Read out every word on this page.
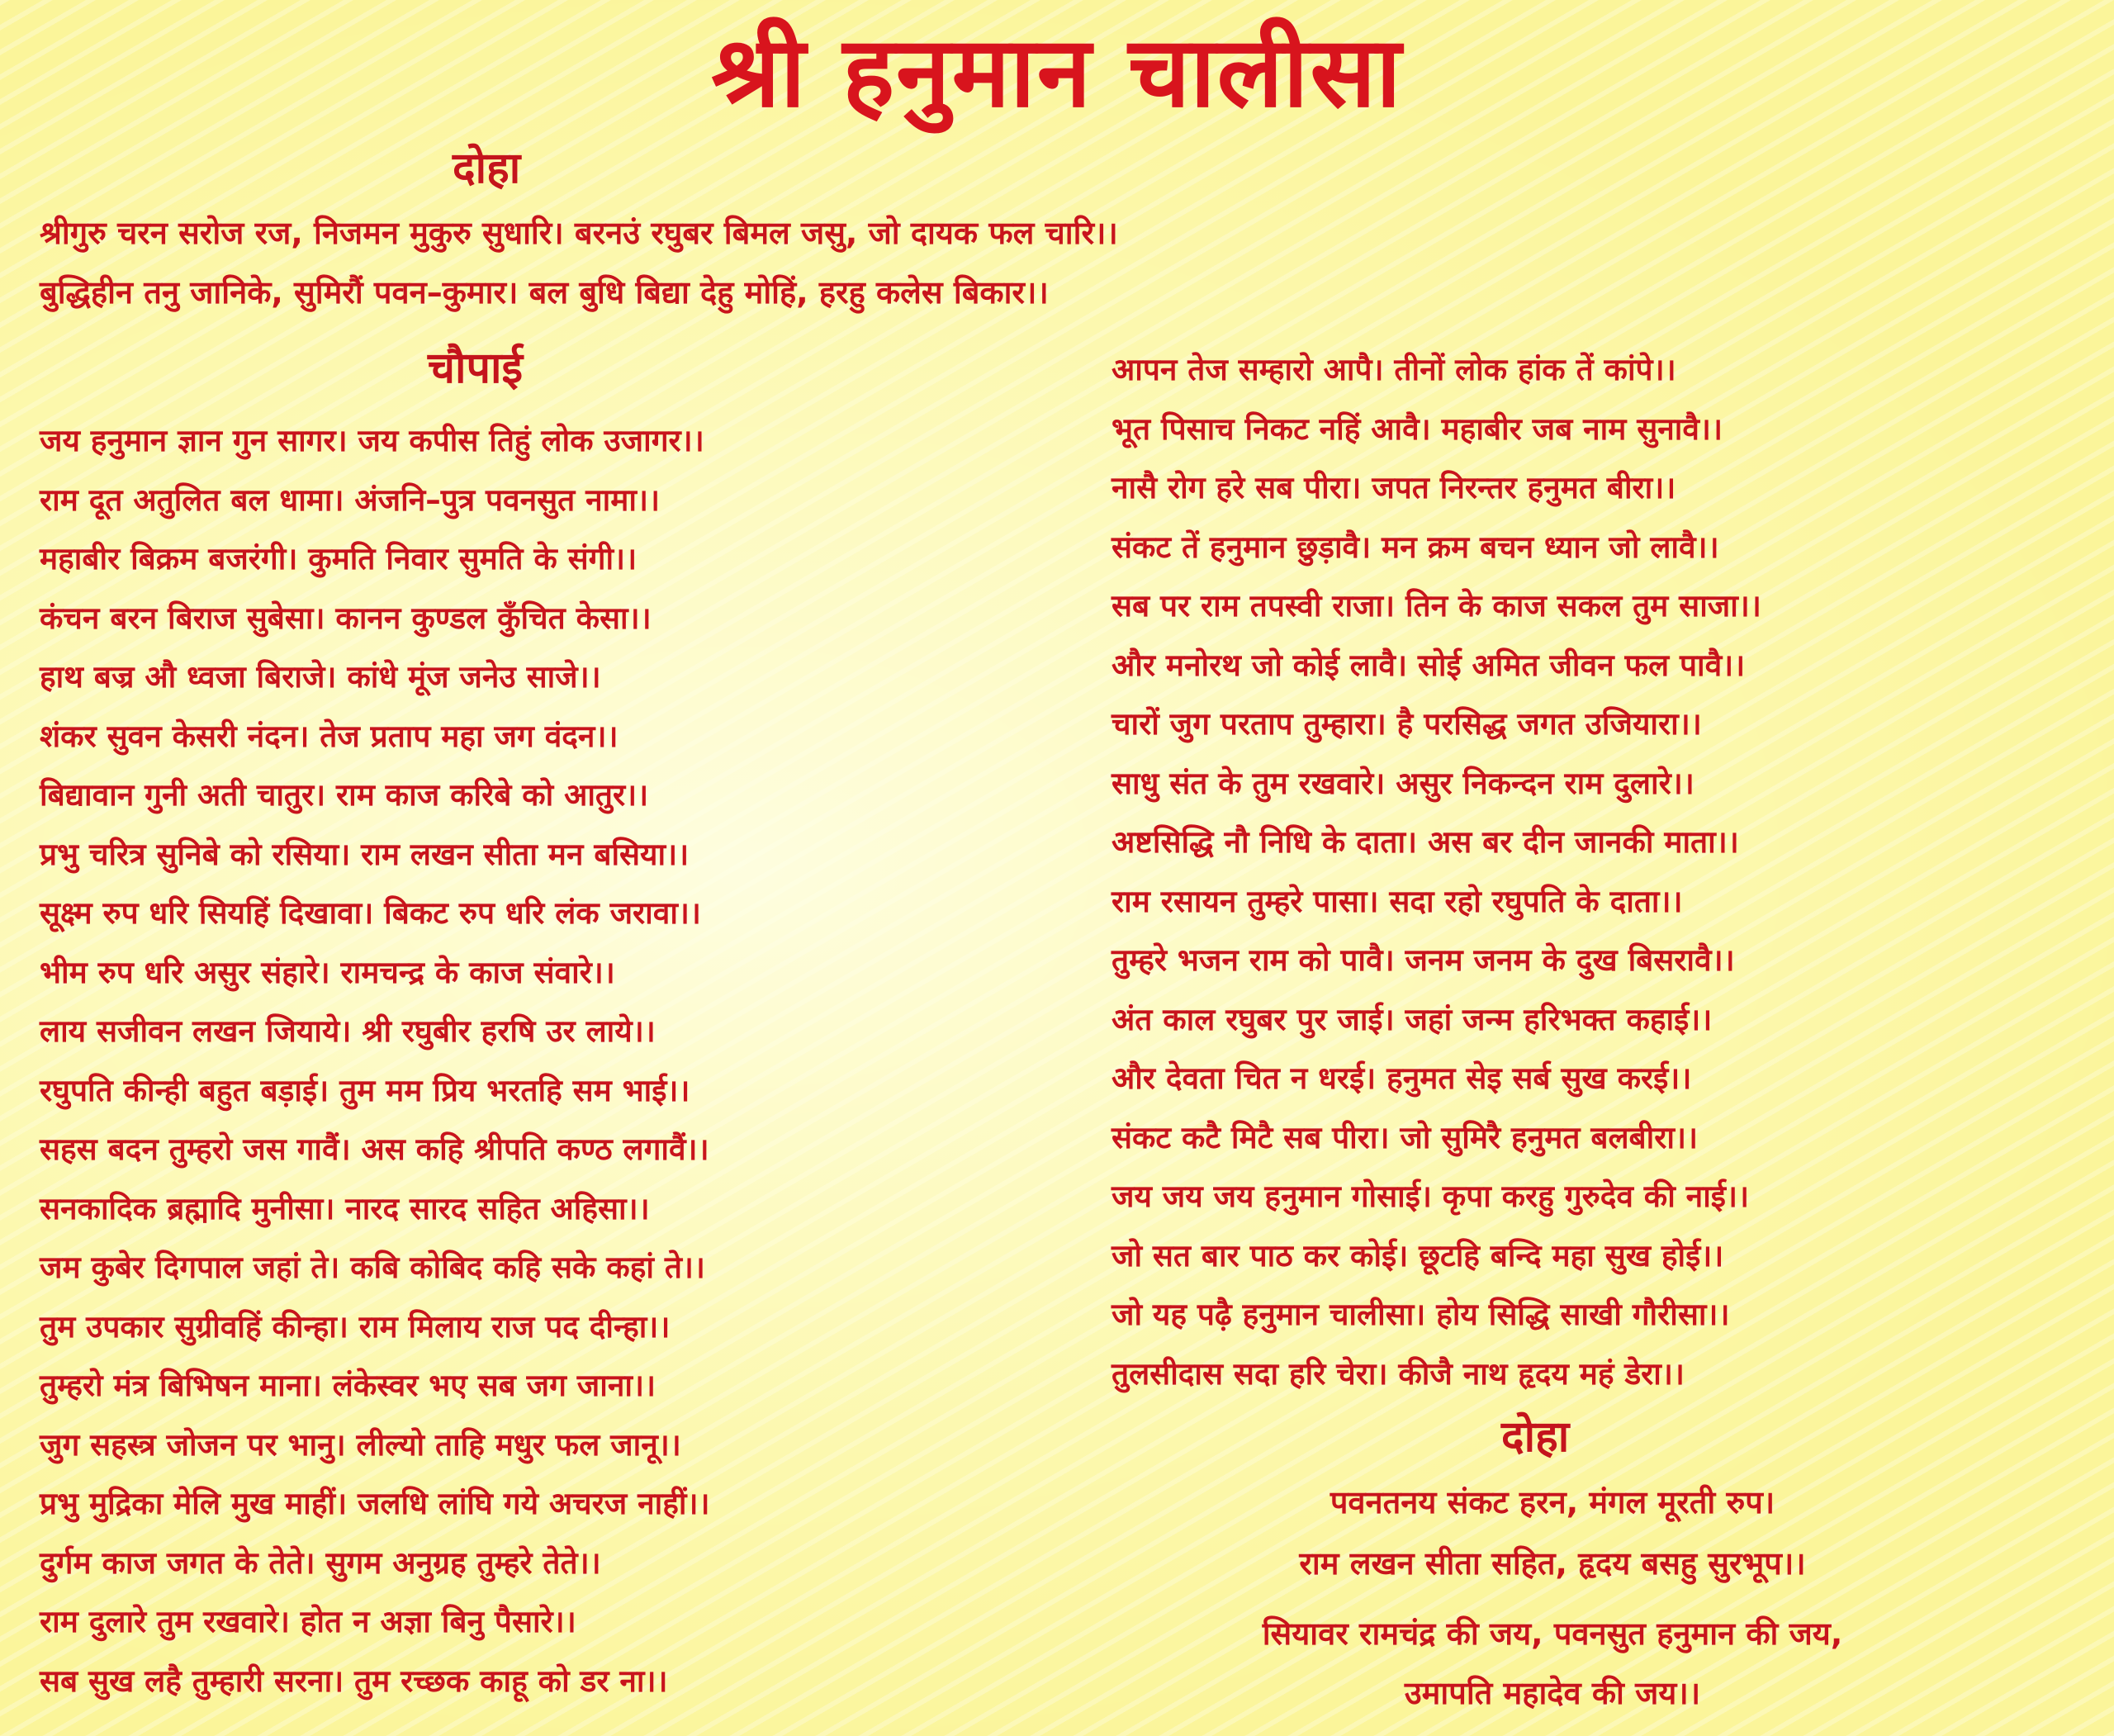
श्री हनुमान चालीसा
दोहा
श्रीगुरु चरन सरोज रज, निजमन मुकुरु सुधारि। बरनउं रघुबर बिमल जसु, जो दायक फल चारि।।
बुद्धिहीन तनु जानिके, सुमिरौं पवन–कुमार। बल बुधि बिद्या देहु मोहिं, हरहु कलेस बिकार।।
चौपाई
जय हनुमान ज्ञान गुन सागर। जय कपीस तिहुं लोक उजागर।।
राम दूत अतुलित बल धामा। अंजनि–पुत्र पवनसुत नामा।।
महाबीर बिक्रम बजरंगी। कुमति निवार सुमति के संगी।।
कंचन बरन बिराज सुबेसा। कानन कुण्डल कुँचित केसा।।
हाथ बज्र औ ध्वजा बिराजे। कांधे मूंज जनेउ साजे।।
शंकर सुवन केसरी नंदन। तेज प्रताप महा जग वंदन।।
बिद्यावान गुनी अती चातुर। राम काज करिबे को आतुर।।
प्रभु चरित्र सुनिबे को रसिया। राम लखन सीता मन बसिया।।
सूक्ष्म रुप धरि सियहिं दिखावा। बिकट रुप धरि लंक जरावा।।
भीम रुप धरि असुर संहारे। रामचन्द्र के काज संवारे।।
लाय सजीवन लखन जियाये। श्री रघुबीर हरषि उर लाये।।
रघुपति कीन्ही बहुत बड़ाई। तुम मम प्रिय भरतहि सम भाई।।
सहस बदन तुम्हरो जस गावैं। अस कहि श्रीपति कण्ठ लगावैं।।
सनकादिक ब्रह्मादि मुनीसा। नारद सारद सहित अहिसा।।
जम कुबेर दिगपाल जहां ते। कबि कोबिद कहि सके कहां ते।।
तुम उपकार सुग्रीवहिं कीन्हा। राम मिलाय राज पद दीन्हा।।
तुम्हरो मंत्र बिभिषन माना। लंकेस्वर भए सब जग जाना।।
जुग सहस्त्र जोजन पर भानु। लील्यो ताहि मधुर फल जानू।।
प्रभु मुद्रिका मेलि मुख माहीं। जलधि लांघि गये अचरज नाहीं।।
दुर्गम काज जगत के तेते। सुगम अनुग्रह तुम्हरे तेते।।
राम दुलारे तुम रखवारे। होत न अज्ञा बिनु पैसारे।।
सब सुख लहै तुम्हारी सरना। तुम रच्छक काहू को डर ना।।
आपन तेज सम्हारो आपै। तीनों लोक हांक तें कांपे।।
भूत पिसाच निकट नहिं आवै। महाबीर जब नाम सुनावै।।
नासै रोग हरे सब पीरा। जपत निरन्तर हनुमत बीरा।।
संकट तें हनुमान छुड़ावै। मन क्रम बचन ध्यान जो लावै।।
सब पर राम तपस्वी राजा। तिन के काज सकल तुम साजा।।
और मनोरथ जो कोई लावै। सोई अमित जीवन फल पावै।।
चारों जुग परताप तुम्हारा। है परसिद्ध जगत उजियारा।।
साधु संत के तुम रखवारे। असुर निकन्दन राम दुलारे।।
अष्टसिद्धि नौ निधि के दाता। अस बर दीन जानकी माता।।
राम रसायन तुम्हरे पासा। सदा रहो रघुपति के दाता।।
तुम्हरे भजन राम को पावै। जनम जनम के दुख बिसरावै।।
अंत काल रघुबर पुर जाई। जहां जन्म हरिभक्त कहाई।।
और देवता चित न धरई। हनुमत सेइ सर्ब सुख करई।।
संकट कटै मिटै सब पीरा। जो सुमिरै हनुमत बलबीरा।।
जय जय जय हनुमान गोसाई। कृपा करहु गुरुदेव की नाई।।
जो सत बार पाठ कर कोई। छूटहि बन्दि महा सुख होई।।
जो यह पढ़ै हनुमान चालीसा। होय सिद्धि साखी गौरीसा।।
तुलसीदास सदा हरि चेरा। कीजै नाथ हृदय महं डेरा।।
दोहा
पवनतनय संकट हरन, मंगल मूरती रुप।
राम लखन सीता सहित, हृदय बसहु सुरभूप।।
सियावर रामचंद्र की जय, पवनसुत हनुमान की जय,
उमापति महादेव की जय।।
